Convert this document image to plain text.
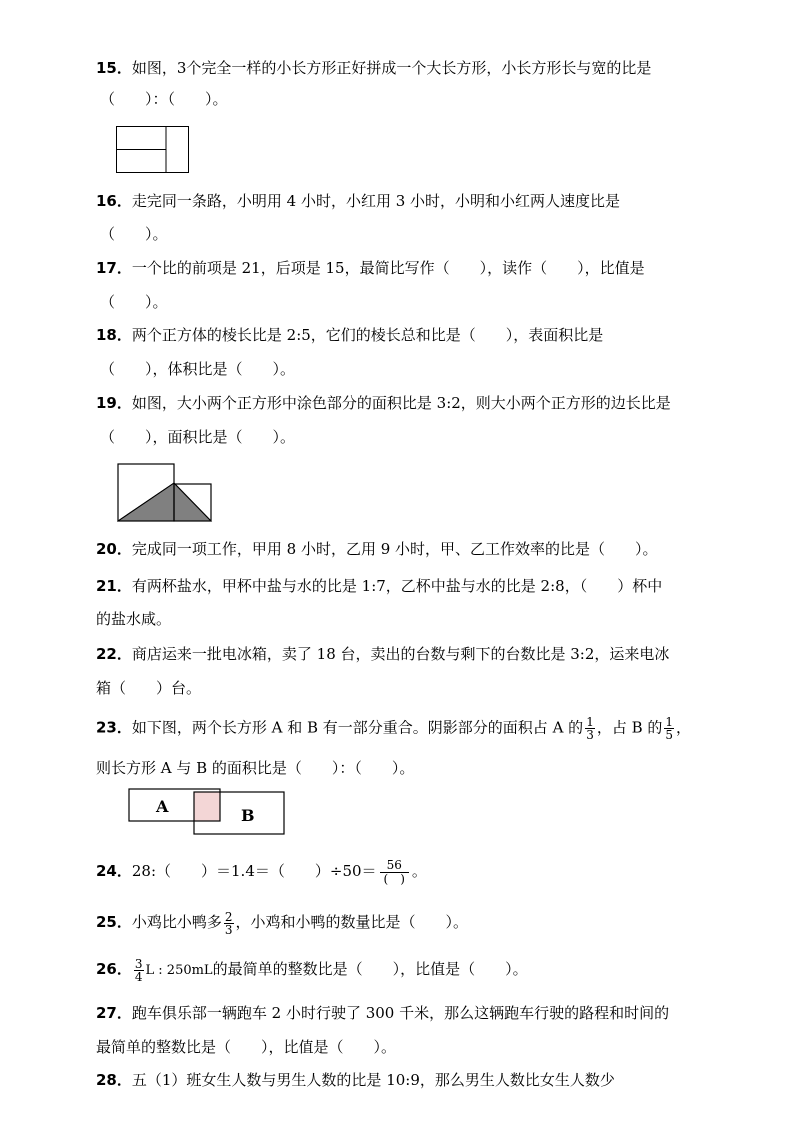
15．如图，3个完全一样的小长方形正好拼成一个大长方形，小长方形长与宽的比是
（　　）：（　　）。
16．走完同一条路，小明用 4 小时，小红用 3 小时，小明和小红两人速度比是
（　　）。
17．一个比的前项是 21，后项是 15，最简比写作（　　），读作（　　），比值是
（　　）。
18．两个正方体的棱长比是 2:5，它们的棱长总和比是（　　），表面积比是
（　　），体积比是（　　）。
19．如图，大小两个正方形中涂色部分的面积比是 3:2，则大小两个正方形的边长比是
（　　），面积比是（　　）。
20．完成同一项工作，甲用 8 小时，乙用 9 小时，甲、乙工作效率的比是（　　）。
21．有两杯盐水，甲杯中盐与水的比是 1:7，乙杯中盐与水的比是 2:8，（　　）杯中
的盐水咸。
22．商店运来一批电冰箱，卖了 18 台，卖出的台数与剩下的台数比是 3:2，运来电冰
箱（　　）台。
23．如下图，两个长方形 A 和 B 有一部分重合。阴影部分的面积占 A 的 $\frac{1}{3}$ ，占 B 的 $\frac{1}{5}$ ，
则长方形 A 与 B 的面积比是（　　）：（　　）。
A	B
24．28:（　　）＝1.4＝（　　）÷50＝ 56
(　) 。
25．小鸡比小鸭多 $\frac{2}{3}$ ，小鸡和小鸭的数量比是（　　）。
26． $\frac{3}{4}$ L : 250mL的最简单的整数比是（　　），比值是（　　）。
27．跑车俱乐部一辆跑车 2 小时行驶了 300 千米，那么这辆跑车行驶的路程和时间的
最简单的整数比是（　　），比值是（　　）。
28．五（1）班女生人数与男生人数的比是 10:9，那么男生人数比女生人数少
